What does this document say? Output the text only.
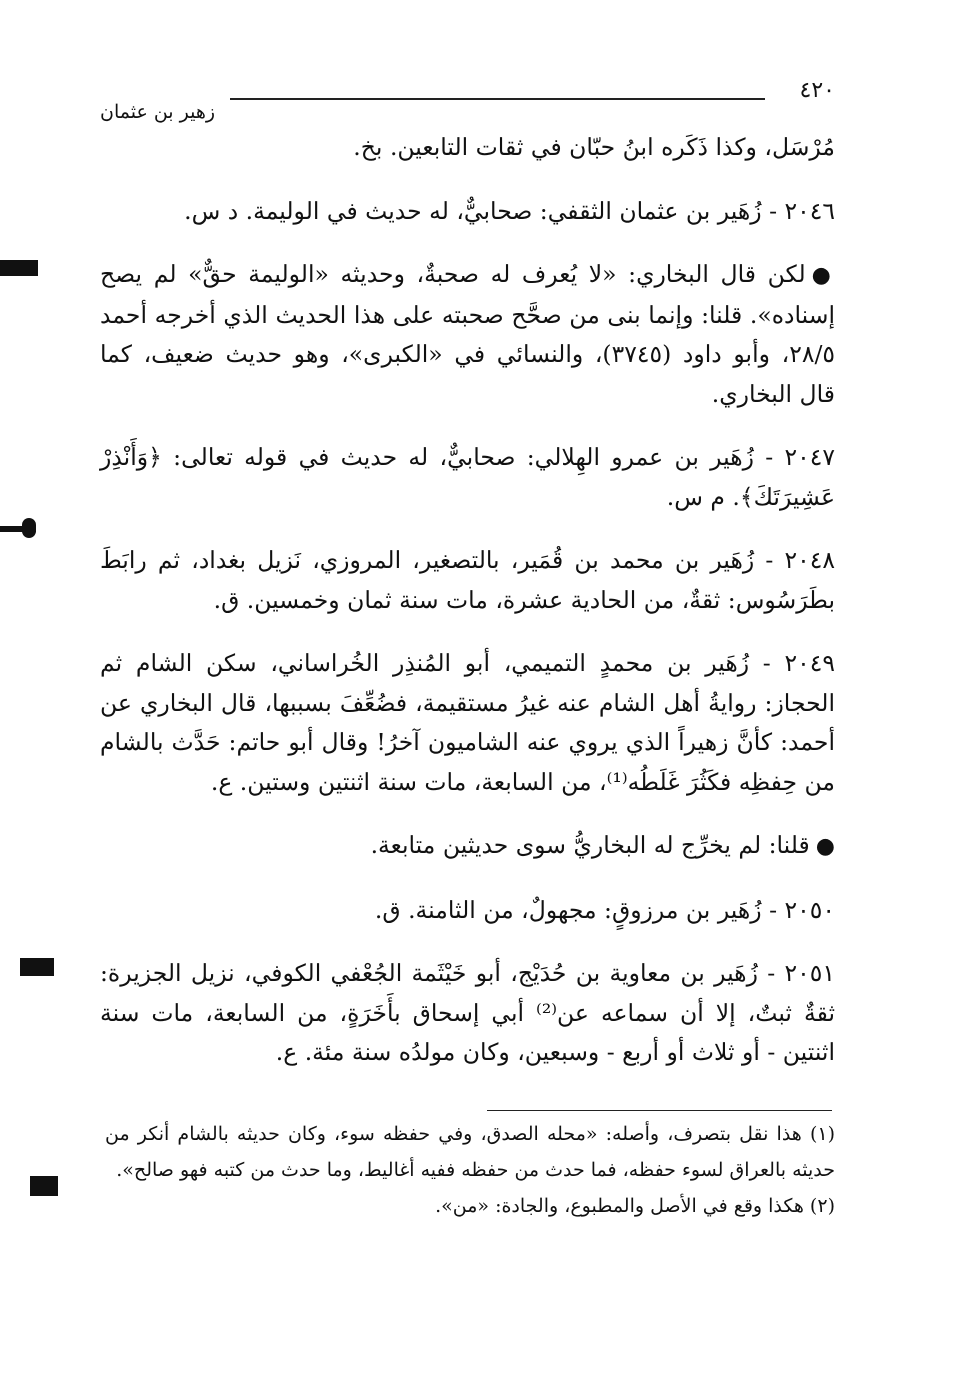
٤٢٠
زهير بن عثمان

مُرْسَل، وكذا ذَكَره ابنُ حبّان في ثقات التابعين. بخ.

٢٠٤٦ - زُهَير بن عثمان الثقفي: صحابيٌّ، له حديث في الوليمة. د س.

●لكن قال البخاري: «لا يُعرف له صحبةٌ، وحديثه «الوليمة حقٌّ» لم يصح إسناده». قلنا: وإنما بنى من صحَّح صحبته على هذا الحديث الذي أخرجه أحمد ٢٨/٥، وأبو داود (٣٧٤٥)، والنسائي في «الكبرى»، وهو حديث ضعيف، كما قال البخاري.

٢٠٤٧ - زُهَير بن عمرو الهِلالي: صحابيٌّ، له حديث في قوله تعالى: ﴿وَأَنْذِرْ عَشِيرَتَكَ﴾. م س.

٢٠٤٨ - زُهَير بن محمد بن قُمَير، بالتصغير، المروزي، نَزيل بغداد، ثم رابَطَ بطَرَسُوس: ثقةٌ، من الحادية عشرة، مات سنة ثمان وخمسين. ق.

٢٠٤٩ - زُهَير بن محمدٍ التميمي، أبو المُنذِر الخُراساني، سكن الشام ثم الحجاز: روايةُ أهل الشام عنه غيرُ مستقيمة، فضُعِّفَ بسببها، قال البخاري عن أحمد: كأنَّ زهيراً الذي يروي عنه الشاميون آخرُ! وقال أبو حاتم: حَدَّث بالشام من حِفظِه فكَثُرَ غَلَطُه⁽¹⁾، من السابعة، مات سنة اثنتين وستين. ع.

●قلنا: لم يخرِّج له البخاريُّ سوى حديثين متابعة.

٢٠٥٠ - زُهَير بن مرزوقٍ: مجهولٌ، من الثامنة. ق.

٢٠٥١ - زُهَير بن معاوية بن حُدَيْج، أبو خَيْثَمة الجُعْفي الكوفي، نزيل الجزيرة: ثقةٌ ثبتٌ، إلا أن سماعه عن⁽²⁾ أبي إسحاق بأَخَرَةٍ، من السابعة، مات سنة اثنتين - أو ثلاث أو أربع - وسبعين، وكان مولدُه سنة مئة. ع.

(١) هذا نقل بتصرف، وأصله: «محله الصدق، وفي حفظه سوء، وكان حديثه بالشام أنكر من حديثه بالعراق لسوء حفظه، فما حدث من حفظه ففيه أغاليط، وما حدث من كتبه فهو صالح».

(٢) هكذا وقع في الأصل والمطبوع، والجادة: «من».
